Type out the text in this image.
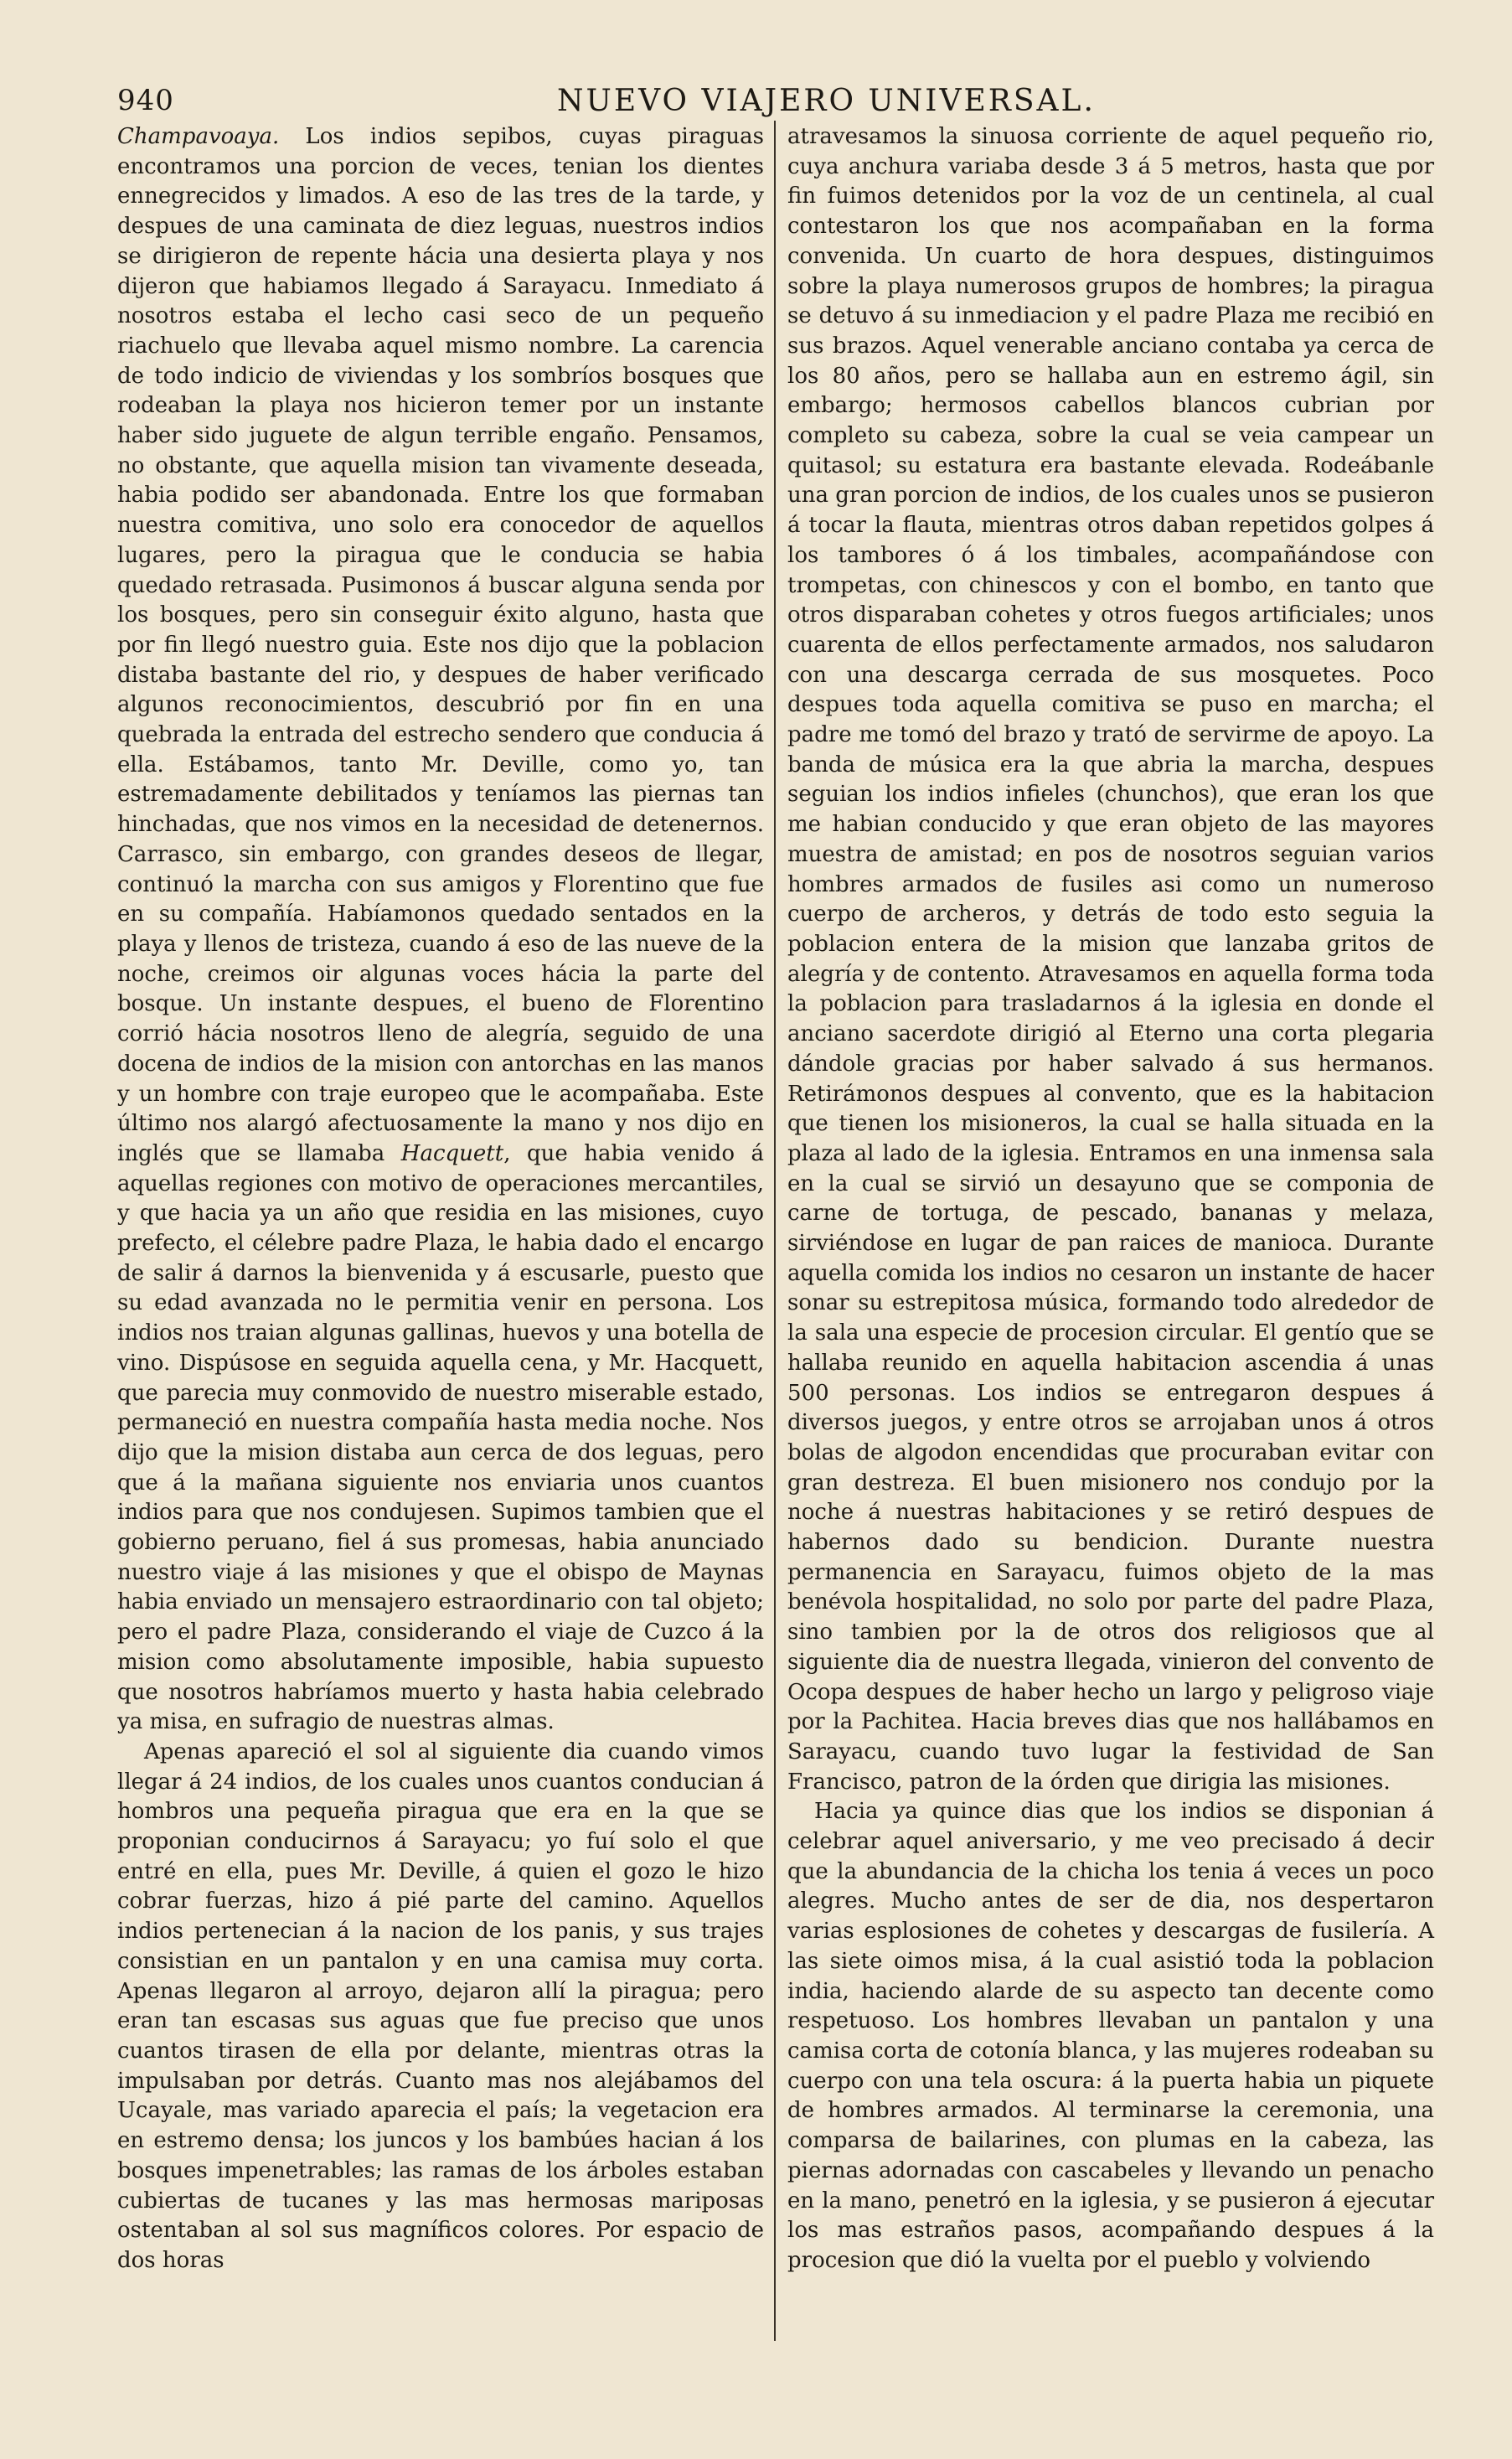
940	NUEVO VIAJERO UNIVERSAL.

Champavoaya. Los indios sepibos, cuyas piraguas encontramos una porcion de veces, tenian los dientes ennegrecidos y limados. A eso de las tres de la tarde, y despues de una caminata de diez leguas, nuestros indios se dirigieron de repente hácia una desierta playa y nos dijeron que habiamos llegado á Sarayacu. Inmediato á nosotros estaba el lecho casi seco de un pequeño riachuelo que llevaba aquel mismo nombre. La carencia de todo indicio de viviendas y los sombríos bosques que rodeaban la playa nos hicieron temer por un instante haber sido juguete de algun terrible engaño. Pensamos, no obstante, que aquella mision tan vivamente deseada, habia podido ser abandonada. Entre los que formaban nuestra comitiva, uno solo era conocedor de aquellos lugares, pero la piragua que le conducia se habia quedado retrasada. Pusimonos á buscar alguna senda por los bosques, pero sin conseguir éxito alguno, hasta que por fin llegó nuestro guia. Este nos dijo que la poblacion distaba bastante del rio, y despues de haber verificado algunos reconocimientos, descubrió por fin en una quebrada la entrada del estrecho sendero que conducia á ella. Estábamos, tanto Mr. Deville, como yo, tan estremadamente debilitados y teníamos las piernas tan hinchadas, que nos vimos en la necesidad de detenernos. Carrasco, sin embargo, con grandes deseos de llegar, continuó la marcha con sus amigos y Florentino que fue en su compañía. Habíamonos quedado sentados en la playa y llenos de tristeza, cuando á eso de las nueve de la noche, creimos oir algunas voces hácia la parte del bosque. Un instante despues, el bueno de Florentino corrió hácia nosotros lleno de alegría, seguido de una docena de indios de la mision con antorchas en las manos y un hombre con traje europeo que le acompañaba. Este último nos alargó afectuosamente la mano y nos dijo en inglés que se llamaba Hacquett, que habia venido á aquellas regiones con motivo de operaciones mercantiles, y que hacia ya un año que residia en las misiones, cuyo prefecto, el célebre padre Plaza, le habia dado el encargo de salir á darnos la bienvenida y á escusarle, puesto que su edad avanzada no le permitia venir en persona. Los indios nos traian algunas gallinas, huevos y una botella de vino. Dispúsose en seguida aquella cena, y Mr. Hacquett, que parecia muy conmovido de nuestro miserable estado, permaneció en nuestra compañía hasta media noche. Nos dijo que la mision distaba aun cerca de dos leguas, pero que á la mañana siguiente nos enviaria unos cuantos indios para que nos condujesen. Supimos tambien que el gobierno peruano, fiel á sus promesas, habia anunciado nuestro viaje á las misiones y que el obispo de Maynas habia enviado un mensajero estraordinario con tal objeto; pero el padre Plaza, considerando el viaje de Cuzco á la mision como absolutamente imposible, habia supuesto que nosotros habríamos muerto y hasta habia celebrado ya misa, en sufragio de nuestras almas.

Apenas apareció el sol al siguiente dia cuando vimos llegar á 24 indios, de los cuales unos cuantos conducian á hombros una pequeña piragua que era en la que se proponian conducirnos á Sarayacu; yo fuí solo el que entré en ella, pues Mr. Deville, á quien el gozo le hizo cobrar fuerzas, hizo á pié parte del camino. Aquellos indios pertenecian á la nacion de los panis, y sus trajes consistian en un pantalon y en una camisa muy corta. Apenas llegaron al arroyo, dejaron allí la piragua; pero eran tan escasas sus aguas que fue preciso que unos cuantos tirasen de ella por delante, mientras otras la impulsaban por detrás. Cuanto mas nos alejábamos del Ucayale, mas variado aparecia el país; la vegetacion era en estremo densa; los juncos y los bambúes hacian á los bosques impenetrables; las ramas de los árboles estaban cubiertas de tucanes y las mas hermosas mariposas ostentaban al sol sus magníficos colores. Por espacio de dos horas

atravesamos la sinuosa corriente de aquel pequeño rio, cuya anchura variaba desde 3 á 5 metros, hasta que por fin fuimos detenidos por la voz de un centinela, al cual contestaron los que nos acompañaban en la forma convenida. Un cuarto de hora despues, distinguimos sobre la playa numerosos grupos de hombres; la piragua se detuvo á su inmediacion y el padre Plaza me recibió en sus brazos. Aquel venerable anciano contaba ya cerca de los 80 años, pero se hallaba aun en estremo ágil, sin embargo; hermosos cabellos blancos cubrian por completo su cabeza, sobre la cual se veia campear un quitasol; su estatura era bastante elevada. Rodeábanle una gran porcion de indios, de los cuales unos se pusieron á tocar la flauta, mientras otros daban repetidos golpes á los tambores ó á los timbales, acompañándose con trompetas, con chinescos y con el bombo, en tanto que otros disparaban cohetes y otros fuegos artificiales; unos cuarenta de ellos perfectamente armados, nos saludaron con una descarga cerrada de sus mosquetes. Poco despues toda aquella comitiva se puso en marcha; el padre me tomó del brazo y trató de servirme de apoyo. La banda de música era la que abria la marcha, despues seguian los indios infieles (chunchos), que eran los que me habian conducido y que eran objeto de las mayores muestra de amistad; en pos de nosotros seguian varios hombres armados de fusiles asi como un numeroso cuerpo de archeros, y detrás de todo esto seguia la poblacion entera de la mision que lanzaba gritos de alegría y de contento. Atravesamos en aquella forma toda la poblacion para trasladarnos á la iglesia en donde el anciano sacerdote dirigió al Eterno una corta plegaria dándole gracias por haber salvado á sus hermanos. Retirámonos despues al convento, que es la habitacion que tienen los misioneros, la cual se halla situada en la plaza al lado de la iglesia. Entramos en una inmensa sala en la cual se sirvió un desayuno que se componia de carne de tortuga, de pescado, bananas y melaza, sirviéndose en lugar de pan raices de manioca. Durante aquella comida los indios no cesaron un instante de hacer sonar su estrepitosa música, formando todo alrededor de la sala una especie de procesion circular. El gentío que se hallaba reunido en aquella habitacion ascendia á unas 500 personas. Los indios se entregaron despues á diversos juegos, y entre otros se arrojaban unos á otros bolas de algodon encendidas que procuraban evitar con gran destreza. El buen misionero nos condujo por la noche á nuestras habitaciones y se retiró despues de habernos dado su bendicion. Durante nuestra permanencia en Sarayacu, fuimos objeto de la mas benévola hospitalidad, no solo por parte del padre Plaza, sino tambien por la de otros dos religiosos que al siguiente dia de nuestra llegada, vinieron del convento de Ocopa despues de haber hecho un largo y peligroso viaje por la Pachitea. Hacia breves dias que nos hallábamos en Sarayacu, cuando tuvo lugar la festividad de San Francisco, patron de la órden que dirigia las misiones.

Hacia ya quince dias que los indios se disponian á celebrar aquel aniversario, y me veo precisado á decir que la abundancia de la chicha los tenia á veces un poco alegres. Mucho antes de ser de dia, nos despertaron varias esplosiones de cohetes y descargas de fusilería. A las siete oimos misa, á la cual asistió toda la poblacion india, haciendo alarde de su aspecto tan decente como respetuoso. Los hombres llevaban un pantalon y una camisa corta de cotonía blanca, y las mujeres rodeaban su cuerpo con una tela oscura: á la puerta habia un piquete de hombres armados. Al terminarse la ceremonia, una comparsa de bailarines, con plumas en la cabeza, las piernas adornadas con cascabeles y llevando un penacho en la mano, penetró en la iglesia, y se pusieron á ejecutar los mas estraños pasos, acompañando despues á la procesion que dió la vuelta por el pueblo y volviendo
